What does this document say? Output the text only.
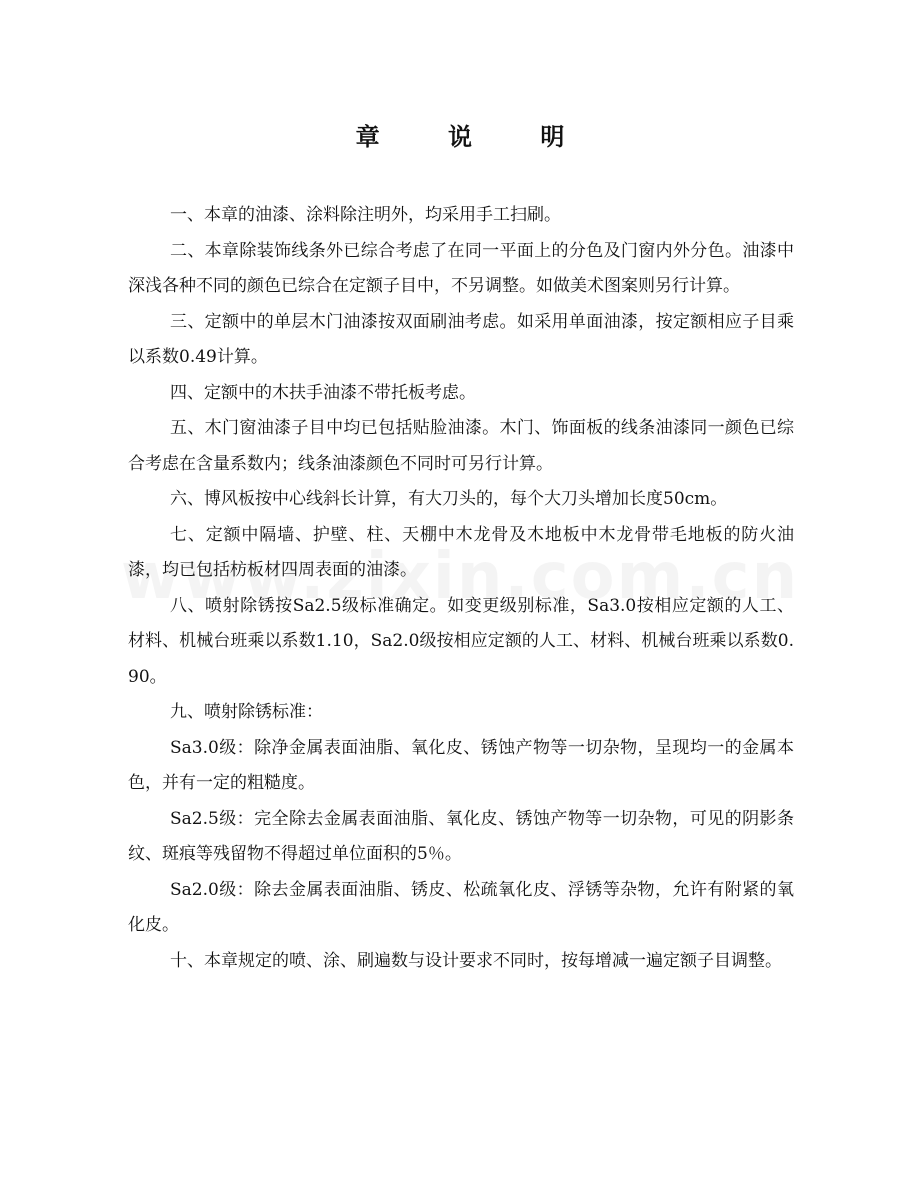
章 说 明

一、本章的油漆、涂料除注明外，均采用手工扫刷。

二、本章除装饰线条外已综合考虑了在同一平面上的分色及门窗内外分色。油漆中深浅各种不同的颜色已综合在定额子目中，不另调整。如做美术图案则另行计算。

三、定额中的单层木门油漆按双面刷油考虑。如采用单面油漆，按定额相应子目乘以系数0.49计算。

四、定额中的木扶手油漆不带托板考虑。

五、木门窗油漆子目中均已包括贴脸油漆。木门、饰面板的线条油漆同一颜色已综合考虑在含量系数内；线条油漆颜色不同时可另行计算。

六、博风板按中心线斜长计算，有大刀头的，每个大刀头增加长度50cm。

七、定额中隔墙、护壁、柱、天棚中木龙骨及木地板中木龙骨带毛地板的防火油漆，均已包括枋板材四周表面的油漆。

八、喷射除锈按Sa2.5级标准确定。如变更级别标准，Sa3.0按相应定额的人工、材料、机械台班乘以系数1.10，Sa2.0级按相应定额的人工、材料、机械台班乘以系数0.90。

九、喷射除锈标准：

Sa3.0级：除净金属表面油脂、氧化皮、锈蚀产物等一切杂物，呈现均一的金属本色，并有一定的粗糙度。

Sa2.5级：完全除去金属表面油脂、氧化皮、锈蚀产物等一切杂物，可见的阴影条纹、斑痕等残留物不得超过单位面积的5％。

Sa2.0级：除去金属表面油脂、锈皮、松疏氧化皮、浮锈等杂物，允许有附紧的氧化皮。

十、本章规定的喷、涂、刷遍数与设计要求不同时，按每增减一遍定额子目调整。
